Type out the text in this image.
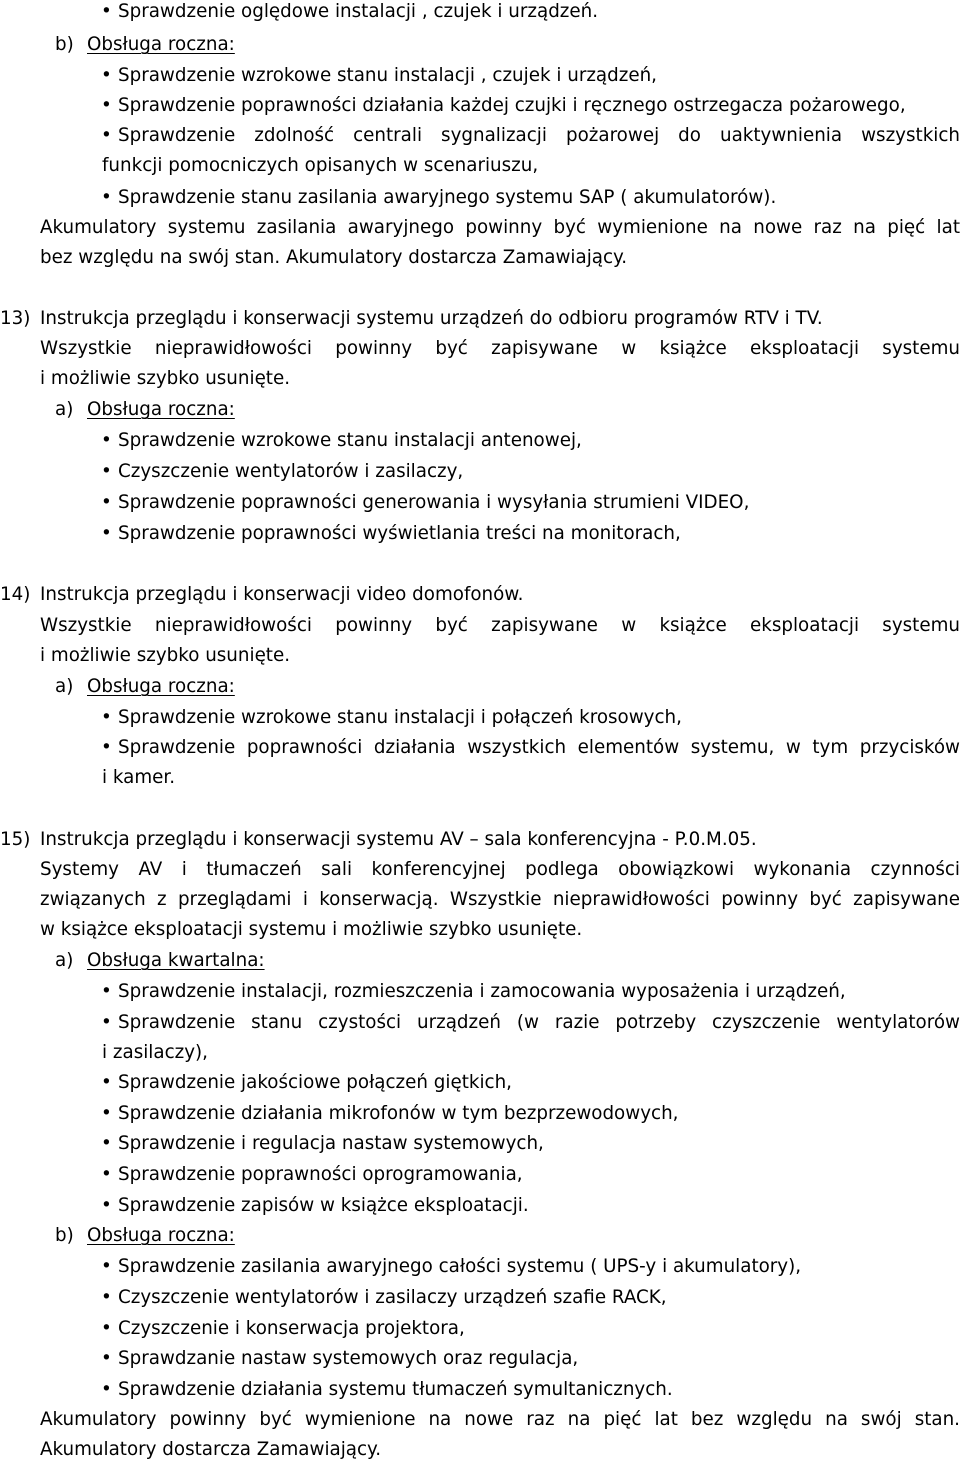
• Sprawdzenie oględowe instalacji , czujek i urządzeń.
b) Obsługa roczna:
• Sprawdzenie wzrokowe stanu instalacji , czujek i urządzeń,
• Sprawdzenie poprawności działania każdej czujki i ręcznego ostrzegacza pożarowego,
• Sprawdzenie zdolność centrali sygnalizacji pożarowej do uaktywnienia wszystkich
funkcji pomocniczych opisanych w scenariuszu,
• Sprawdzenie stanu zasilania awaryjnego systemu SAP ( akumulatorów).
Akumulatory systemu zasilania awaryjnego powinny być wymienione na nowe raz na pięć lat
bez względu na swój stan. Akumulatory dostarcza Zamawiający.
13) Instrukcja przeglądu i konserwacji systemu urządzeń do odbioru programów RTV i TV.
Wszystkie nieprawidłowości powinny być zapisywane w książce eksploatacji systemu
i możliwie szybko usunięte.
a) Obsługa roczna:
• Sprawdzenie wzrokowe stanu instalacji antenowej,
• Czyszczenie wentylatorów i zasilaczy,
• Sprawdzenie poprawności generowania i wysyłania strumieni VIDEO,
• Sprawdzenie poprawności wyświetlania treści na monitorach,
14) Instrukcja przeglądu i konserwacji video domofonów.
Wszystkie nieprawidłowości powinny być zapisywane w książce eksploatacji systemu
i możliwie szybko usunięte.
a) Obsługa roczna:
• Sprawdzenie wzrokowe stanu instalacji i połączeń krosowych,
• Sprawdzenie poprawności działania wszystkich elementów systemu, w tym przycisków
i kamer.
15) Instrukcja przeglądu i konserwacji systemu AV – sala konferencyjna - P.0.M.05.
Systemy AV i tłumaczeń sali konferencyjnej podlega obowiązkowi wykonania czynności
związanych z przeglądami i konserwacją. Wszystkie nieprawidłowości powinny być zapisywane
w książce eksploatacji systemu i możliwie szybko usunięte.
a) Obsługa kwartalna:
• Sprawdzenie instalacji, rozmieszczenia i zamocowania wyposażenia i urządzeń,
• Sprawdzenie stanu czystości urządzeń (w razie potrzeby czyszczenie wentylatorów
i zasilaczy),
• Sprawdzenie jakościowe połączeń giętkich,
• Sprawdzenie działania mikrofonów w tym bezprzewodowych,
• Sprawdzenie i regulacja nastaw systemowych,
• Sprawdzenie poprawności oprogramowania,
• Sprawdzenie zapisów w książce eksploatacji.
b) Obsługa roczna:
• Sprawdzenie zasilania awaryjnego całości systemu ( UPS-y i akumulatory),
• Czyszczenie wentylatorów i zasilaczy urządzeń szafie RACK,
• Czyszczenie i konserwacja projektora,
• Sprawdzanie nastaw systemowych oraz regulacja,
• Sprawdzenie działania systemu tłumaczeń symultanicznych.
Akumulatory powinny być wymienione na nowe raz na pięć lat bez względu na swój stan.
Akumulatory dostarcza Zamawiający.
